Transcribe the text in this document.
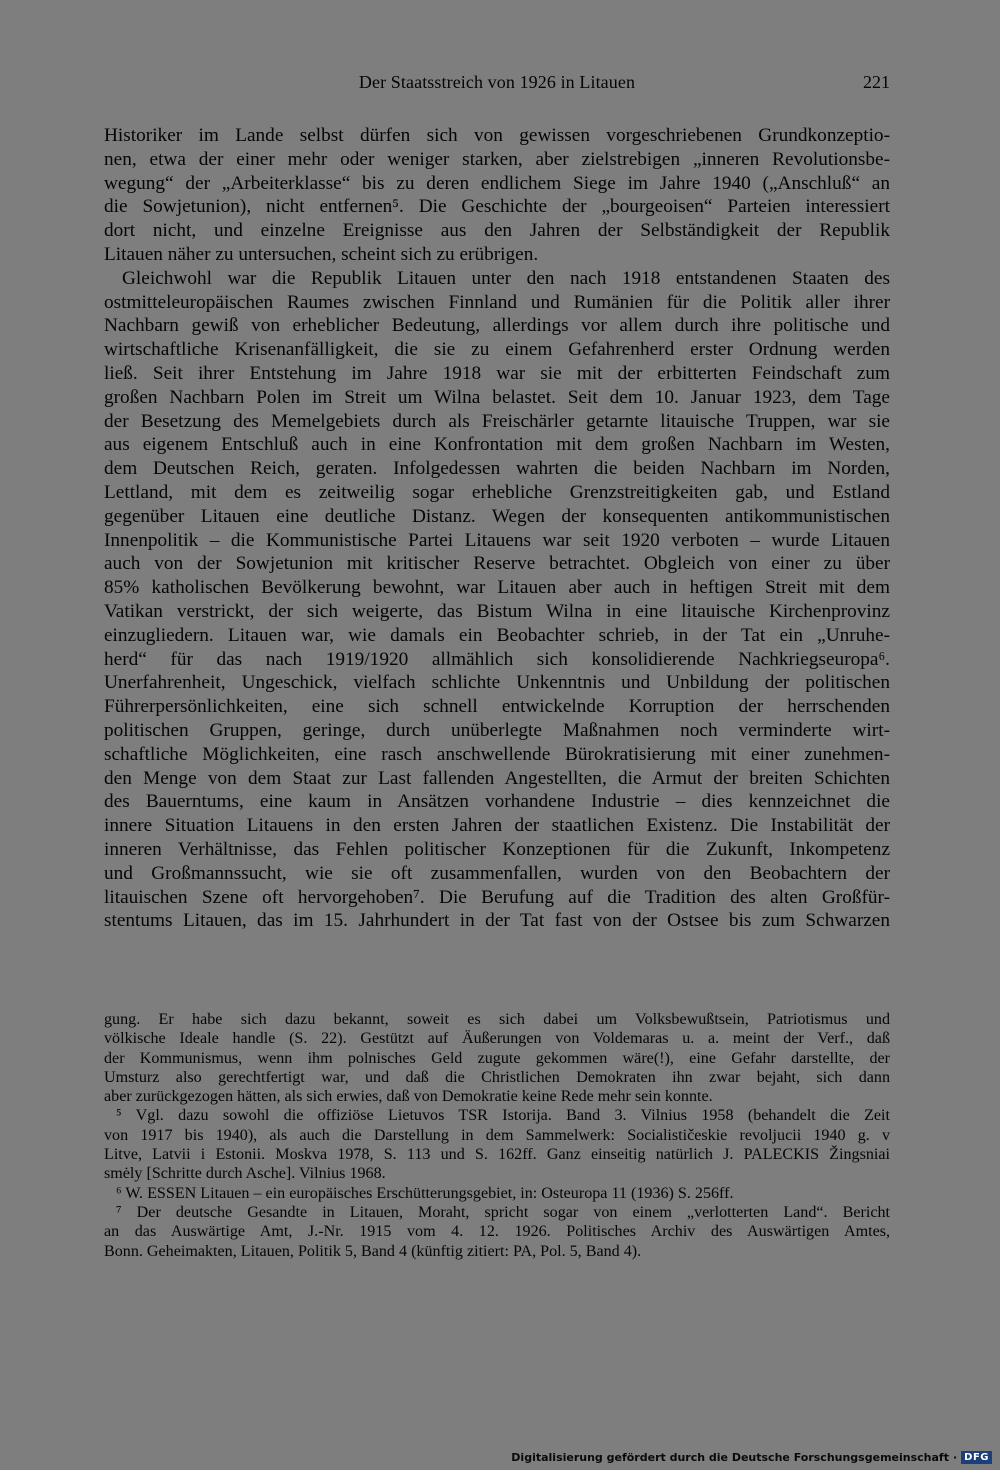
Der Staatsstreich von 1926 in Litauen	221
Historiker im Lande selbst dürfen sich von gewissen vorgeschriebenen Grundkonzeptio-
nen, etwa der einer mehr oder weniger starken, aber zielstrebigen „inneren Revolutionsbe-
wegung“ der „Arbeiterklasse“ bis zu deren endlichem Siege im Jahre 1940 („Anschluß“ an
die Sowjetunion), nicht entfernen⁵. Die Geschichte der „bourgeoisen“ Parteien interessiert
dort nicht, und einzelne Ereignisse aus den Jahren der Selbständigkeit der Republik
Litauen näher zu untersuchen, scheint sich zu erübrigen.
Gleichwohl war die Republik Litauen unter den nach 1918 entstandenen Staaten des
ostmitteleuropäischen Raumes zwischen Finnland und Rumänien für die Politik aller ihrer
Nachbarn gewiß von erheblicher Bedeutung, allerdings vor allem durch ihre politische und
wirtschaftliche Krisenanfälligkeit, die sie zu einem Gefahrenherd erster Ordnung werden
ließ. Seit ihrer Entstehung im Jahre 1918 war sie mit der erbitterten Feindschaft zum
großen Nachbarn Polen im Streit um Wilna belastet. Seit dem 10. Januar 1923, dem Tage
der Besetzung des Memelgebiets durch als Freischärler getarnte litauische Truppen, war sie
aus eigenem Entschluß auch in eine Konfrontation mit dem großen Nachbarn im Westen,
dem Deutschen Reich, geraten. Infolgedessen wahrten die beiden Nachbarn im Norden,
Lettland, mit dem es zeitweilig sogar erhebliche Grenzstreitigkeiten gab, und Estland
gegenüber Litauen eine deutliche Distanz. Wegen der konsequenten antikommunistischen
Innenpolitik – die Kommunistische Partei Litauens war seit 1920 verboten – wurde Litauen
auch von der Sowjetunion mit kritischer Reserve betrachtet. Obgleich von einer zu über
85% katholischen Bevölkerung bewohnt, war Litauen aber auch in heftigen Streit mit dem
Vatikan verstrickt, der sich weigerte, das Bistum Wilna in eine litauische Kirchenprovinz
einzugliedern. Litauen war, wie damals ein Beobachter schrieb, in der Tat ein „Unruhe-
herd“ für das nach 1919/1920 allmählich sich konsolidierende Nachkriegseuropa⁶.
Unerfahrenheit, Ungeschick, vielfach schlichte Unkenntnis und Unbildung der politischen
Führerpersönlichkeiten, eine sich schnell entwickelnde Korruption der herrschenden
politischen Gruppen, geringe, durch unüberlegte Maßnahmen noch verminderte wirt-
schaftliche Möglichkeiten, eine rasch anschwellende Bürokratisierung mit einer zunehmen-
den Menge von dem Staat zur Last fallenden Angestellten, die Armut der breiten Schichten
des Bauerntums, eine kaum in Ansätzen vorhandene Industrie – dies kennzeichnet die
innere Situation Litauens in den ersten Jahren der staatlichen Existenz. Die Instabilität der
inneren Verhältnisse, das Fehlen politischer Konzeptionen für die Zukunft, Inkompetenz
und Großmannssucht, wie sie oft zusammenfallen, wurden von den Beobachtern der
litauischen Szene oft hervorgehoben⁷. Die Berufung auf die Tradition des alten Großfür-
stentums Litauen, das im 15. Jahrhundert in der Tat fast von der Ostsee bis zum Schwarzen
gung. Er habe sich dazu bekannt, soweit es sich dabei um Volksbewußtsein, Patriotismus und
völkische Ideale handle (S. 22). Gestützt auf Äußerungen von Voldemaras u. a. meint der Verf., daß
der Kommunismus, wenn ihm polnisches Geld zugute gekommen wäre(!), eine Gefahr darstellte, der
Umsturz also gerechtfertigt war, und daß die Christlichen Demokraten ihn zwar bejaht, sich dann
aber zurückgezogen hätten, als sich erwies, daß von Demokratie keine Rede mehr sein konnte.
⁵ Vgl. dazu sowohl die offiziöse Lietuvos TSR Istorija. Band 3. Vilnius 1958 (behandelt die Zeit
von 1917 bis 1940), als auch die Darstellung in dem Sammelwerk: Socialističeskie revoljucii 1940 g. v
Litve, Latvii i Estonii. Moskva 1978, S. 113 und S. 162ff. Ganz einseitig natürlich J. PALECKIS Žingsniai
smėly [Schritte durch Asche]. Vilnius 1968.
⁶ W. ESSEN Litauen – ein europäisches Erschütterungsgebiet, in: Osteuropa 11 (1936) S. 256ff.
⁷ Der deutsche Gesandte in Litauen, Moraht, spricht sogar von einem „verlotterten Land“. Bericht
an das Auswärtige Amt, J.-Nr. 1915 vom 4. 12. 1926. Politisches Archiv des Auswärtigen Amtes,
Bonn. Geheimakten, Litauen, Politik 5, Band 4 (künftig zitiert: PA, Pol. 5, Band 4).
Digitalisierung gefördert durch die Deutsche Forschungsgemeinschaft · DFG
